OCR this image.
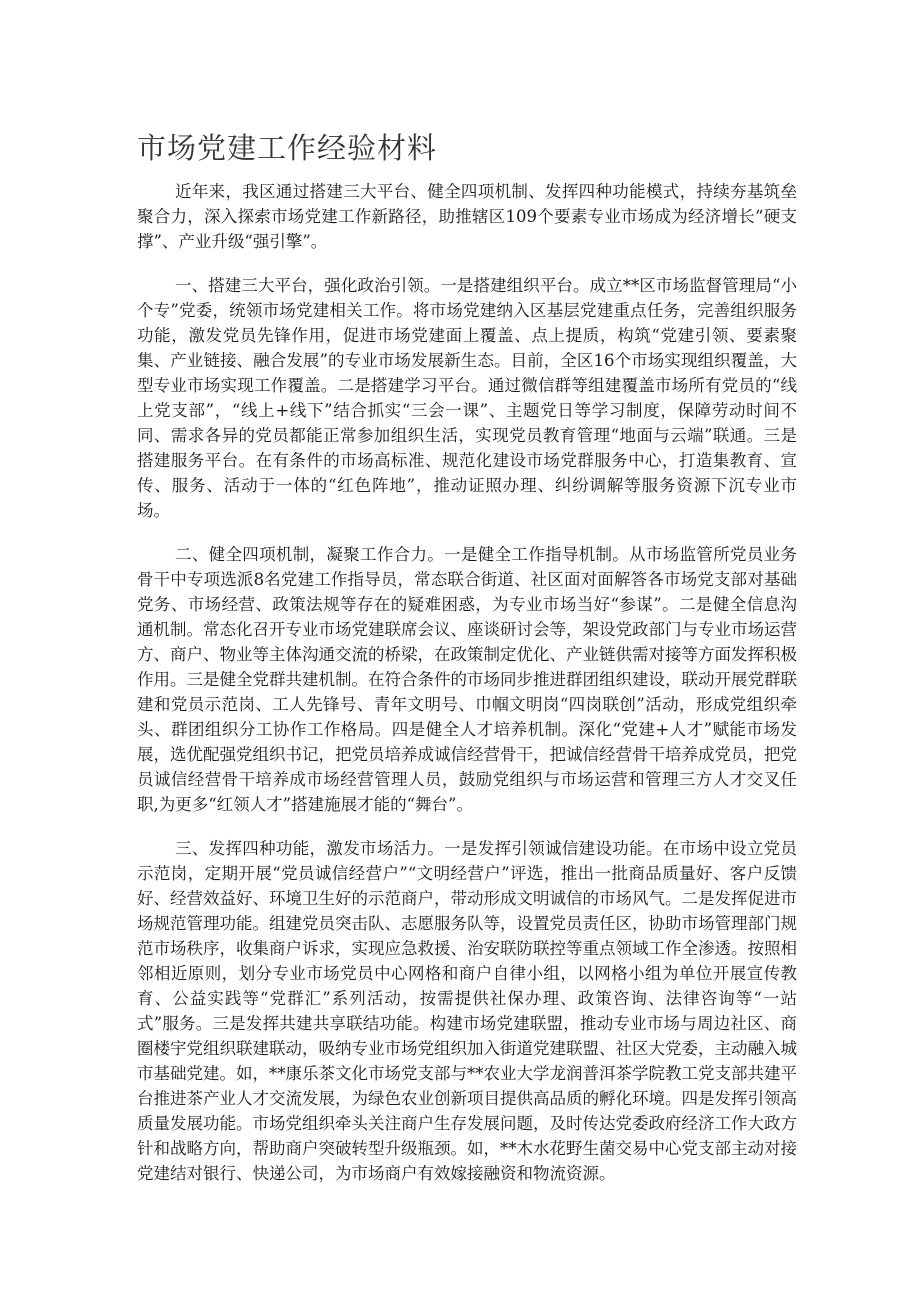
市场党建工作经验材料

近年来，我区通过搭建三大平台、健全四项机制、发挥四种功能模式，持续夯基筑垒聚合力，深入探索市场党建工作新路径，助推辖区109个要素专业市场成为经济增长“硬支撑”、产业升级“强引擎”。

一、搭建三大平台，强化政治引领。一是搭建组织平台。成立**区市场监督管理局“小个专”党委，统领市场党建相关工作。将市场党建纳入区基层党建重点任务，完善组织服务功能，激发党员先锋作用，促进市场党建面上覆盖、点上提质，构筑“党建引领、要素聚集、产业链接、融合发展”的专业市场发展新生态。目前，全区16个市场实现组织覆盖，大型专业市场实现工作覆盖。二是搭建学习平台。通过微信群等组建覆盖市场所有党员的“线上党支部”，“线上+线下”结合抓实“三会一课”、主题党日等学习制度，保障劳动时间不同、需求各异的党员都能正常参加组织生活，实现党员教育管理“地面与云端”联通。三是搭建服务平台。在有条件的市场高标准、规范化建设市场党群服务中心，打造集教育、宣传、服务、活动于一体的“红色阵地”，推动证照办理、纠纷调解等服务资源下沉专业市场。

二、健全四项机制，凝聚工作合力。一是健全工作指导机制。从市场监管所党员业务骨干中专项选派8名党建工作指导员，常态联合街道、社区面对面解答各市场党支部对基础党务、市场经营、政策法规等存在的疑难困惑，为专业市场当好“参谋”。二是健全信息沟通机制。常态化召开专业市场党建联席会议、座谈研讨会等，架设党政部门与专业市场运营方、商户、物业等主体沟通交流的桥梁，在政策制定优化、产业链供需对接等方面发挥积极作用。三是健全党群共建机制。在符合条件的市场同步推进群团组织建设，联动开展党群联建和党员示范岗、工人先锋号、青年文明号、巾帼文明岗“四岗联创”活动，形成党组织牵头、群团组织分工协作工作格局。四是健全人才培养机制。深化“党建+人才”赋能市场发展，选优配强党组织书记，把党员培养成诚信经营骨干，把诚信经营骨干培养成党员，把党员诚信经营骨干培养成市场经营管理人员，鼓励党组织与市场运营和管理三方人才交叉任职,为更多“红领人才”搭建施展才能的“舞台”。

三、发挥四种功能，激发市场活力。一是发挥引领诚信建设功能。在市场中设立党员示范岗，定期开展“党员诚信经营户”“文明经营户”评选，推出一批商品质量好、客户反馈好、经营效益好、环境卫生好的示范商户，带动形成文明诚信的市场风气。二是发挥促进市场规范管理功能。组建党员突击队、志愿服务队等，设置党员责任区，协助市场管理部门规范市场秩序，收集商户诉求，实现应急救援、治安联防联控等重点领域工作全渗透。按照相邻相近原则，划分专业市场党员中心网格和商户自律小组，以网格小组为单位开展宣传教育、公益实践等“党群汇”系列活动，按需提供社保办理、政策咨询、法律咨询等“一站式”服务。三是发挥共建共享联结功能。构建市场党建联盟，推动专业市场与周边社区、商圈楼宇党组织联建联动，吸纳专业市场党组织加入街道党建联盟、社区大党委，主动融入城市基础党建。如，**康乐茶文化市场党支部与**农业大学龙润普洱茶学院教工党支部共建平台推进茶产业人才交流发展，为绿色农业创新项目提供高品质的孵化环境。四是发挥引领高质量发展功能。市场党组织牵头关注商户生存发展问题，及时传达党委政府经济工作大政方针和战略方向，帮助商户突破转型升级瓶颈。如，**木水花野生菌交易中心党支部主动对接党建结对银行、快递公司，为市场商户有效嫁接融资和物流资源。
